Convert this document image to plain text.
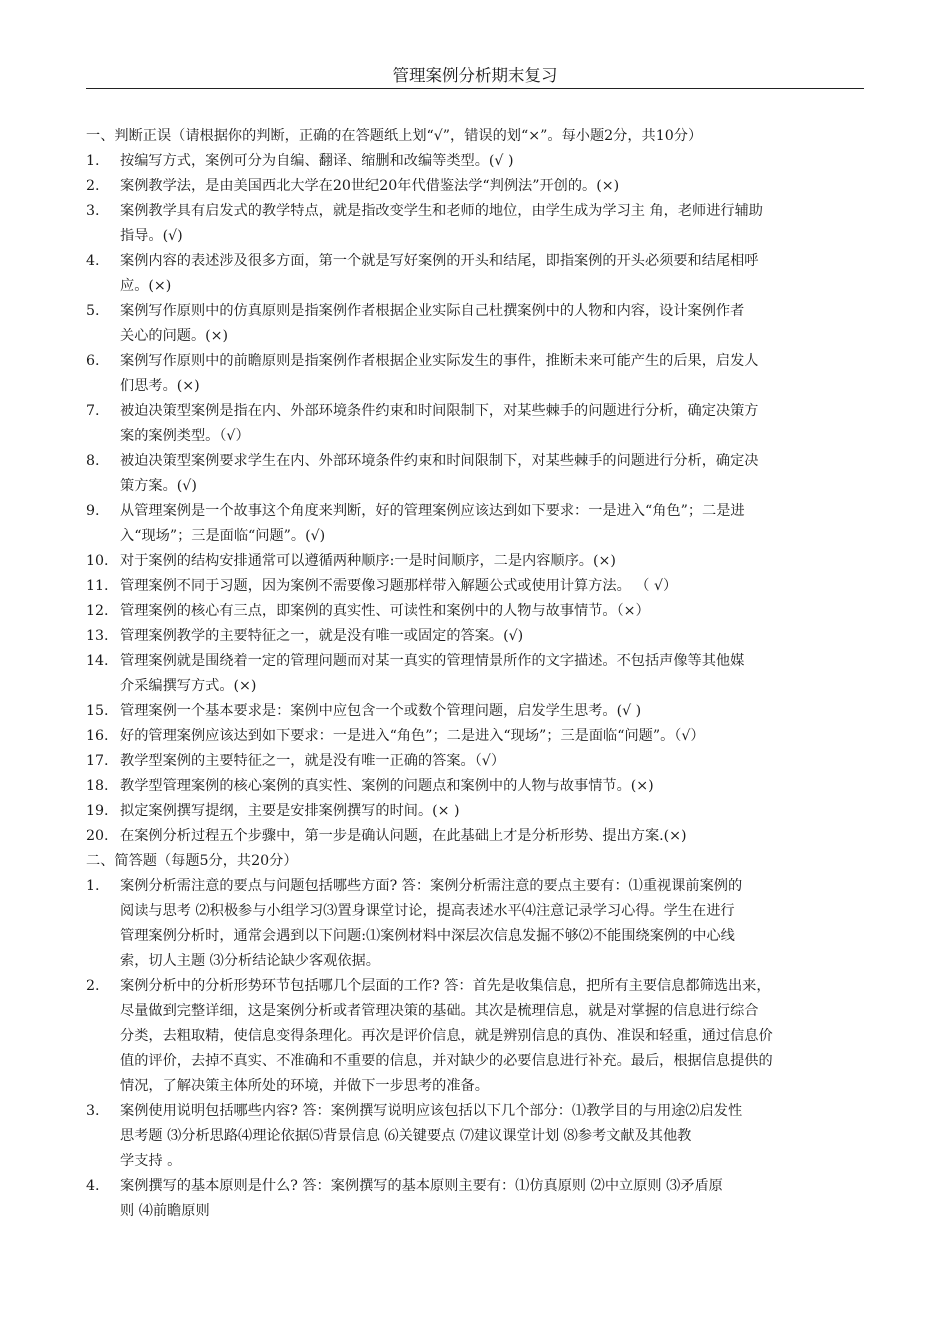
管理案例分析期末复习
一、判断正误（请根据你的判断，正确的在答题纸上划“√”，错误的划“×”。每小题2分，共10分）
1.	按编写方式，案例可分为自编、翻译、缩删和改编等类型。(√ )
2.	案例教学法，是由美国西北大学在20世纪20年代借鉴法学“判例法”开创的。(×)
3.	案例教学具有启发式的教学特点，就是指改变学生和老师的地位，由学生成为学习主 角，老师进行辅助
指导。(√)
4.	案例内容的表述涉及很多方面，第一个就是写好案例的开头和结尾，即指案例的开头必须要和结尾相呼
应。(×)
5.	案例写作原则中的仿真原则是指案例作者根据企业实际自己杜撰案例中的人物和内容，设计案例作者
关心的问题。(×)
6.	案例写作原则中的前瞻原则是指案例作者根据企业实际发生的事件，推断未来可能产生的后果，启发人
们思考。(×)
7.	被迫决策型案例是指在内、外部环境条件约束和时间限制下，对某些棘手的问题进行分析，确定决策方
案的案例类型。（√）
8.	被迫决策型案例要求学生在内、外部环境条件约束和时间限制下，对某些棘手的问题进行分析，确定决
策方案。(√)
9.	从管理案例是一个故事这个角度来判断，好的管理案例应该达到如下要求：一是进入“角色”；二是进
入“现场”；三是面临“问题”。(√)
10. 对于案例的结构安排通常可以遵循两种顺序:一是时间顺序，二是内容顺序。(×)
11. 管理案例不同于习题，因为案例不需要像习题那样带入解题公式或使用计算方法。 （ √）
12. 管理案例的核心有三点，即案例的真实性、可读性和案例中的人物与故事情节。（×）
13. 管理案例教学的主要特征之一，就是没有唯一或固定的答案。(√)
14. 管理案例就是围绕着一定的管理问题而对某一真实的管理情景所作的文字描述。不包括声像等其他媒
介采编撰写方式。(×)
15. 管理案例一个基本要求是：案例中应包含一个或数个管理问题，启发学生思考。(√ )
16. 好的管理案例应该达到如下要求：一是进入“角色”；二是进入“现场”；三是面临“问题”。（√）
17. 教学型案例的主要特征之一，就是没有唯一正确的答案。（√）
18. 教学型管理案例的核心案例的真实性、案例的问题点和案例中的人物与故事情节。(×)
19. 拟定案例撰写提纲，主要是安排案例撰写的时间。(× )
20. 在案例分析过程五个步骤中，第一步是确认问题，在此基础上才是分析形势、提出方案.(×)
二、简答题（每题5分，共20分）
1.	案例分析需注意的要点与问题包括哪些方面? 答：案例分析需注意的要点主要有：⑴重视课前案例的
阅读与思考 ⑵积极参与小组学习⑶置身课堂讨论，提高表述水平⑷注意记录学习心得。学生在进行
管理案例分析时，通常会遇到以下问题:⑴案例材料中深层次信息发掘不够⑵不能围绕案例的中心线
索，切人主题 ⑶分析结论缺少客观依据。
2.	案例分析中的分析形势环节包括哪几个层面的工作? 答：首先是收集信息，把所有主要信息都筛选出来，
尽量做到完整详细，这是案例分析或者管理决策的基础。其次是梳理信息，就是对掌握的信息进行综合
分类，去粗取精，使信息变得条理化。再次是评价信息，就是辨别信息的真伪、准误和轻重，通过信息价
值的评价，去掉不真实、不准确和不重要的信息，并对缺少的必要信息进行补充。最后，根据信息提供的
情况，了解决策主体所处的环境，并做下一步思考的准备。
3.	案例使用说明包括哪些内容? 答：案例撰写说明应该包括以下几个部分：⑴教学目的与用途⑵启发性
思考题 ⑶分析思路⑷理论依据⑸背景信息 ⑹关键要点 ⑺建议课堂计划 ⑻参考文献及其他教
学支持 。
4.	案例撰写的基本原则是什么? 答：案例撰写的基本原则主要有：⑴仿真原则 ⑵中立原则 ⑶矛盾原
则 ⑷前瞻原则
